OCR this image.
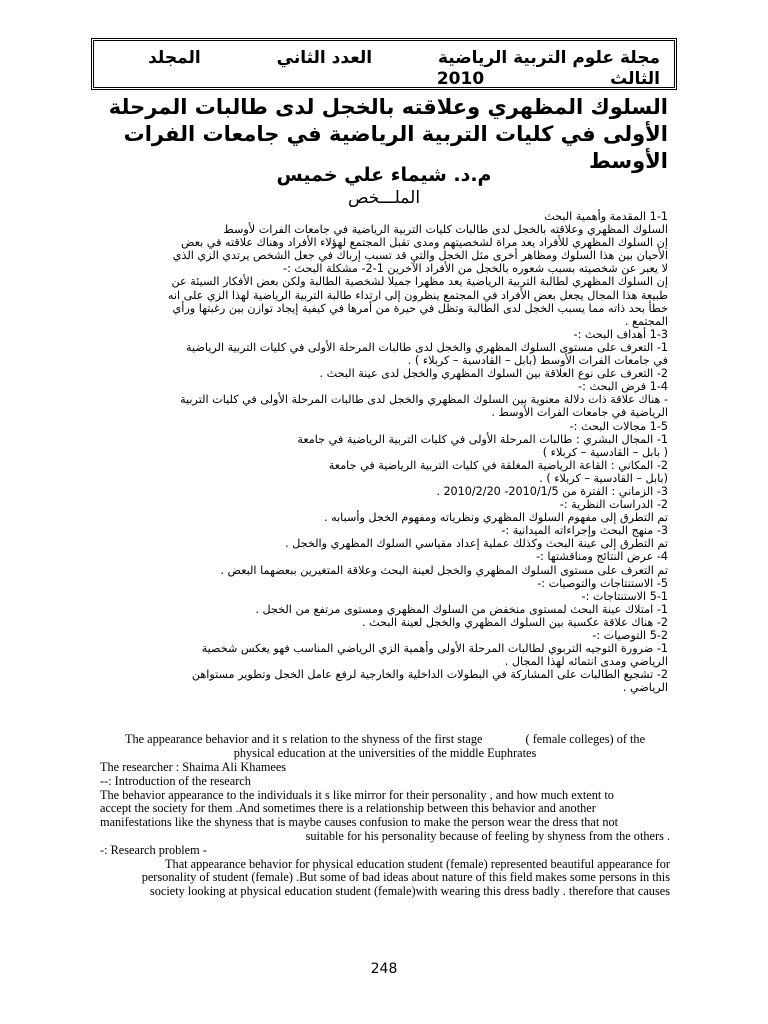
مجلة علوم التربية الرياضية العدد الثاني المجلد
الثالث 2010
السلوك المظهري وعلاقته بالخجل لدى طالبات المرحلة
الأولى في كليات التربية الرياضية في جامعات الفرات
الأوسط
م.د. شيماء علي خميس
الملـــخص
1-1 المقدمة وأهمية البحث
السلوك المظهري وعلاقته بالخجل لدى طالبات كليات التربية الرياضية في جامعات الفرات لأوسط
إن السلوك المظهري للأفراد يعد مراة لشخصيتهم ومدى تقبل المجتمع لهؤلاء الأفراد وهناك علاقته في بعض
الأحيان بين هذا السلوك ومظاهر أخرى مثل الخجل والتي قد تسبب إرباك في جعل الشخص يرتدي الزي الذي
لا يعبر عن شخصيته بسبب شعوره بالخجل من الأفراد الآخرين 1-2- مشكلة البحث :-
إن السلوك المظهري لطالبة التربية الرياضية يعد مظهرا جميلا لشخصية الطالبة ولكن بعض الأفكار السيئة عن
طبيعة هذا المجال يجعل بعض الأفراد في المجتمع ينظرون إلى ارتداء طالبة التربية الرياضية لهذا الزي على انه
خطأ بحد ذاته مما يسبب الخجل لدى الطالبة وتظل في حيرة من أمرها في كيفية إيجاد توازن بين رغبتها ورأي
المجتمع .
1-3 أهداف البحث :-
1- التعرف على مستوى السلوك المظهري والخجل لدى طالبات المرحلة الأولى في كليات التربية الرياضية
في جامعات الفرات الأوسط (بابل – القادسية – كربلاء ) .
2- التعرف على نوع العلاقة بين السلوك المظهري والخجل لدى عينة البحث .
1-4 فرض البحث :-
- هناك علاقة ذات دلالة معنوية بين السلوك المظهري والخجل لدى طالبات المرحلة الأولى في كليات التربية
الرياضية في جامعات الفرات الأوسط .
1-5 مجالات البحث :-
1- المجال البشري : طالبات المرحلة الأولى في كليات التربية الرياضية في جامعة
( بابل – القادسية – كربلاء )
2- المكاني : القاعة الرياضية المغلقة في كليات التربية الرياضية في جامعة
(بابل – القادسية – كربلاء ) .
3- الزماني : الفترة من 2010/1/5- 2010/2/20 .
2- الدراسات النظرية :-
تم التطرق إلى مفهوم السلوك المظهري ونظرياته ومفهوم الخجل وأسبابه .
3- منهج البحث وإجراءاته الميدانية :-
تم التطرق إلى عينة البحث وكذلك عملية إعداد مقياسي السلوك المظهري والخجل .
4- عرض النتائج ومناقشتها :-
تم التعرف على مستوى السلوك المظهري والخجل لعينة البحث وعلاقة المتغيرين ببعضهما البعض .
5- الاستنتاجات والتوصيات :-
5-1 الاستنتاجات :-
1- امتلاك عينة البحث لمستوى منخفض من السلوك المظهري ومستوى مرتفع من الخجل .
2- هناك علاقة عكسية بين السلوك المظهري والخجل لعينة البحث .
5-2 التوصيات :-
1- ضرورة التوجيه التربوي لطالبات المرحلة الأولى وأهمية الزي الرياضي المناسب فهو يعكس شخصية
الرياضي ومدى انتمائه لهذا المجال .
2- تشجيع الطالبات على المشاركة في البطولات الداخلية والخارجية لرفع عامل الخجل وتطوير مستواهن
الرياضي .
The appearance behavior and it s relation to the shyness of the first stage	( female colleges) of the
physical education at the universities of the middle Euphrates
The researcher : Shaima Ali Khamees
--: Introduction of the research
The behavior appearance to the individuals it s like mirror for their personality , and how much extent to
accept the society for them .And sometimes there is a relationship between this behavior and another
manifestations like the shyness that is maybe causes confusion to make the person wear the dress that not
suitable for his personality because of feeling by shyness from the others .
-: Research problem -
That appearance behavior for physical education student (female) represented beautiful appearance for
personality of student (female) .But some of bad ideas about nature of this field makes some persons in this
society looking at physical education student (female)with wearing this dress badly . therefore that causes
248
